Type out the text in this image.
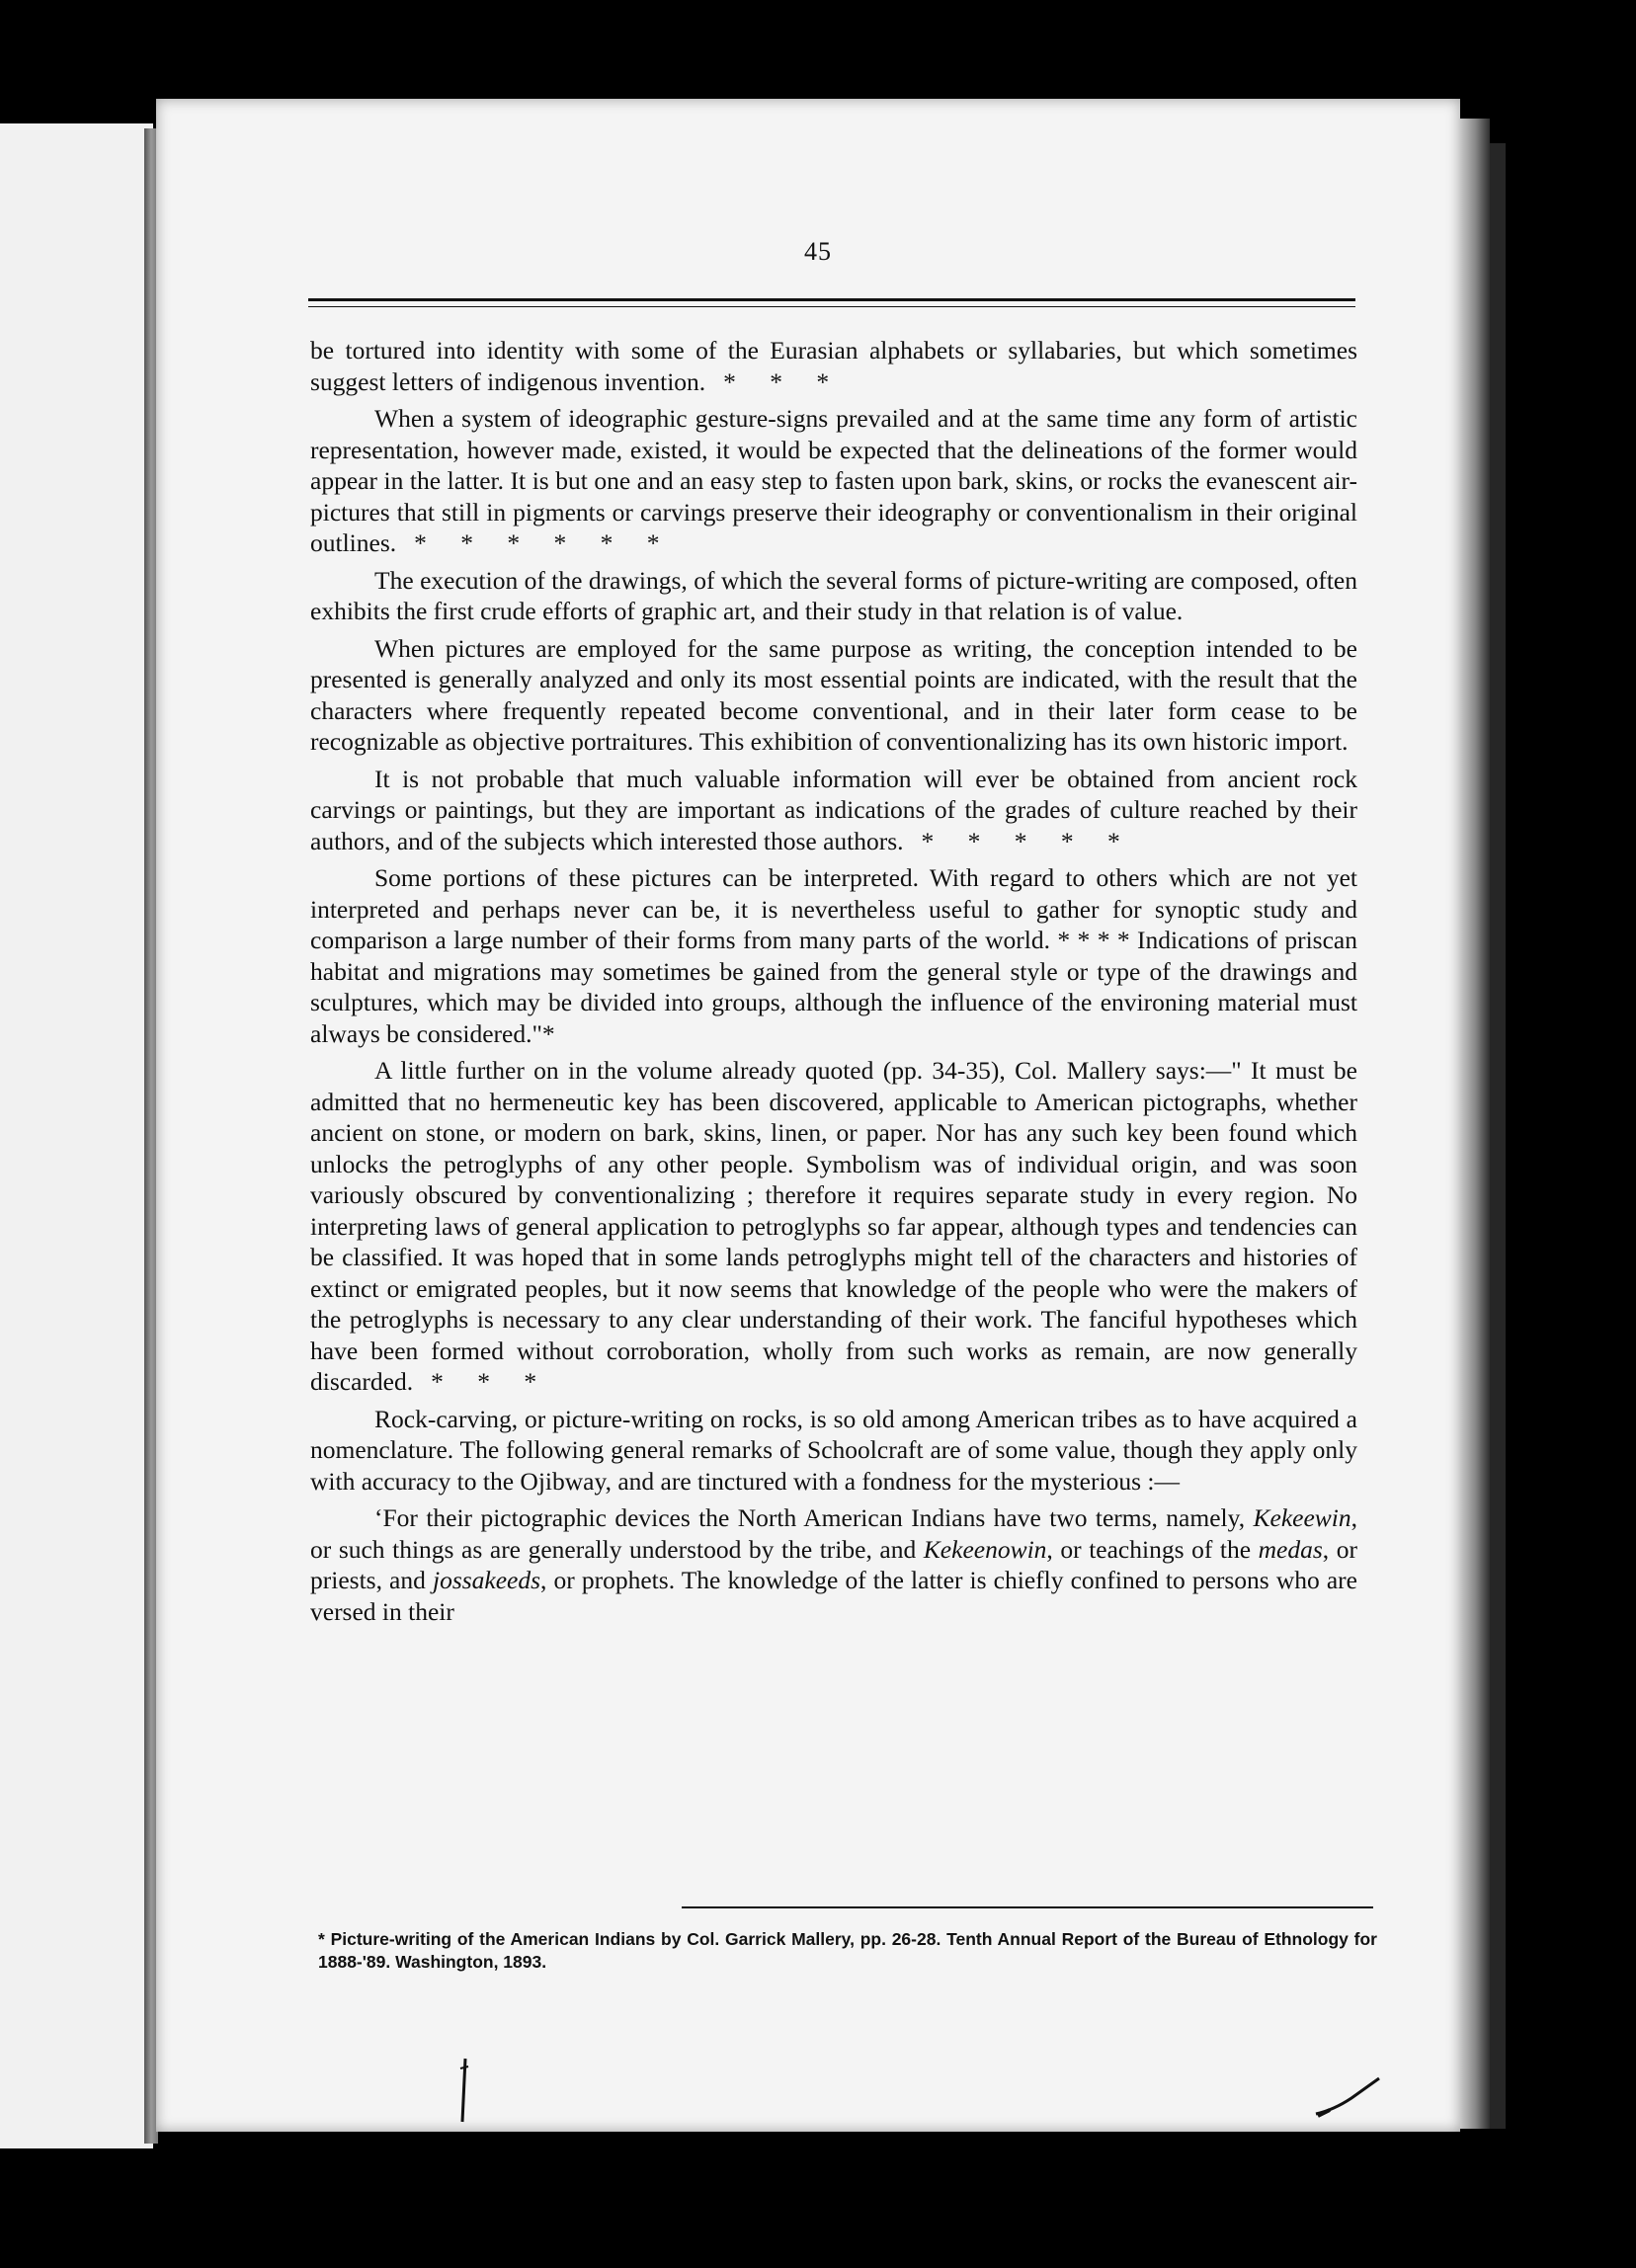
45

be tortured into identity with some of the Eurasian alphabets or syllabaries, but which sometimes suggest letters of indigenous invention. * * *

When a system of ideographic gesture-signs prevailed and at the same time any form of artistic representation, however made, existed, it would be expected that the delineations of the former would appear in the latter. It is but one and an easy step to fasten upon bark, skins, or rocks the evanescent air-pictures that still in pigments or carvings preserve their ideography or conventionalism in their original outlines. * * * * * *

The execution of the drawings, of which the several forms of picture-writing are composed, often exhibits the first crude efforts of graphic art, and their study in that relation is of value.

When pictures are employed for the same purpose as writing, the conception intended to be presented is generally analyzed and only its most essential points are indicated, with the result that the characters where frequently repeated become conventional, and in their later form cease to be recognizable as objective portraitures. This exhibition of conventionalizing has its own historic import.

It is not probable that much valuable information will ever be obtained from ancient rock carvings or paintings, but they are important as indications of the grades of culture reached by their authors, and of the subjects which interested those authors. * * * * *

Some portions of these pictures can be interpreted. With regard to others which are not yet interpreted and perhaps never can be, it is nevertheless useful to gather for synoptic study and comparison a large number of their forms from many parts of the world. * * * * Indications of priscan habitat and migrations may sometimes be gained from the general style or type of the drawings and sculptures, which may be divided into groups, although the influence of the environing material must always be considered."*

A little further on in the volume already quoted (pp. 34-35), Col. Mallery says:—" It must be admitted that no hermeneutic key has been discovered, applicable to American pictographs, whether ancient on stone, or modern on bark, skins, linen, or paper. Nor has any such key been found which unlocks the petroglyphs of any other people. Symbolism was of individual origin, and was soon variously obscured by conventionalizing ; therefore it requires separate study in every region. No interpreting laws of general application to petroglyphs so far appear, although types and tendencies can be classified. It was hoped that in some lands petroglyphs might tell of the characters and histories of extinct or emigrated peoples, but it now seems that knowledge of the people who were the makers of the petroglyphs is necessary to any clear understanding of their work. The fanciful hypotheses which have been formed without corroboration, wholly from such works as remain, are now generally discarded. * * *

Rock-carving, or picture-writing on rocks, is so old among American tribes as to have acquired a nomenclature. The following general remarks of Schoolcraft are of some value, though they apply only with accuracy to the Ojibway, and are tinctured with a fondness for the mysterious :—

‘For their pictographic devices the North American Indians have two terms, namely, Kekeewin, or such things as are generally understood by the tribe, and Kekeenowin, or teachings of the medas, or priests, and jossakeeds, or prophets. The knowledge of the latter is chiefly confined to persons who are versed in their

* Picture-writing of the American Indians by Col. Garrick Mallery, pp. 26-28. Tenth Annual Report of the Bureau of Ethnology for 1888-'89. Washington, 1893.
